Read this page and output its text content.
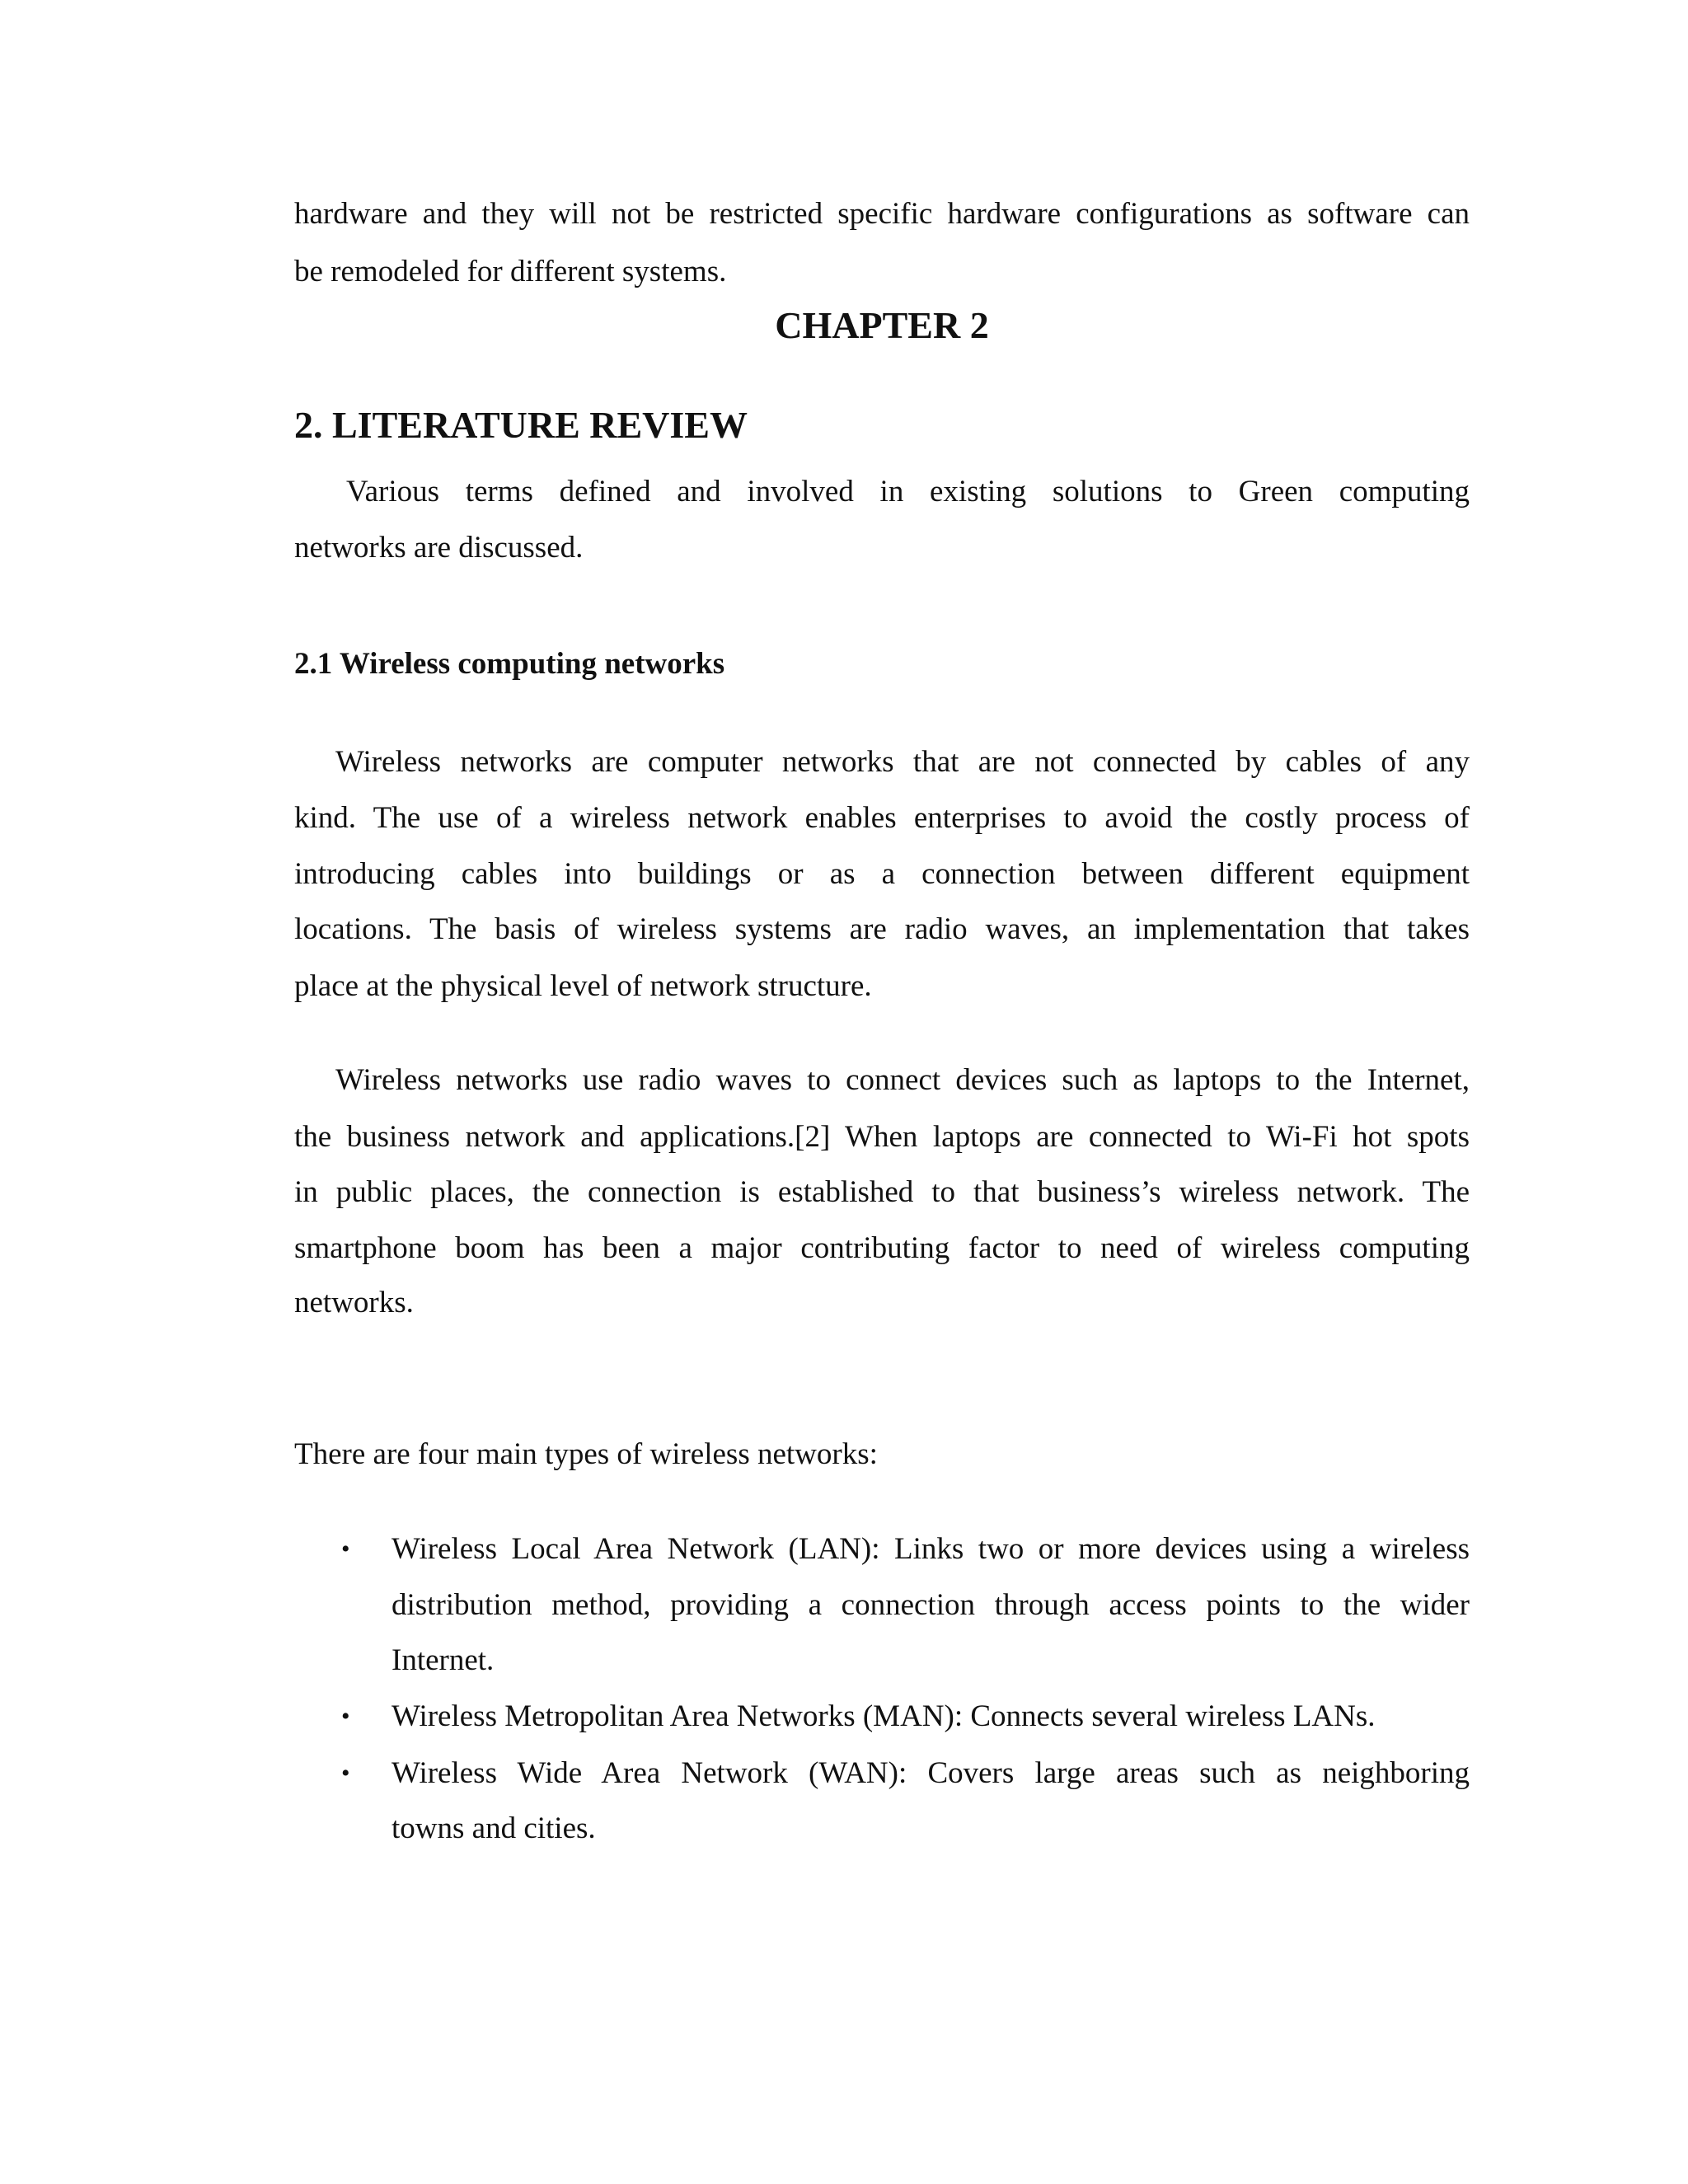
hardware and they will not be restricted specific hardware configurations as software can
be remodeled for different systems.
CHAPTER 2
2. LITERATURE REVIEW
Various terms defined and involved in existing solutions to Green computing
networks are discussed.
2.1 Wireless computing networks
Wireless networks are computer networks that are not connected by cables of any
kind. The use of a wireless network enables enterprises to avoid the costly process of
introducing cables into buildings or as a connection between different equipment
locations. The basis of wireless systems are radio waves, an implementation that takes
place at the physical level of network structure.
Wireless networks use radio waves to connect devices such as laptops to the Internet,
the business network and applications.[2] When laptops are connected to Wi-Fi hot spots
in public places, the connection is established to that business’s wireless network. The
smartphone boom has been a major contributing factor to need of wireless computing
networks.
There are four main types of wireless networks:
• Wireless Local Area Network (LAN): Links two or more devices using a wireless
distribution method, providing a connection through access points to the wider
Internet.
• Wireless Metropolitan Area Networks (MAN): Connects several wireless LANs.
• Wireless Wide Area Network (WAN): Covers large areas such as neighboring
towns and cities.
